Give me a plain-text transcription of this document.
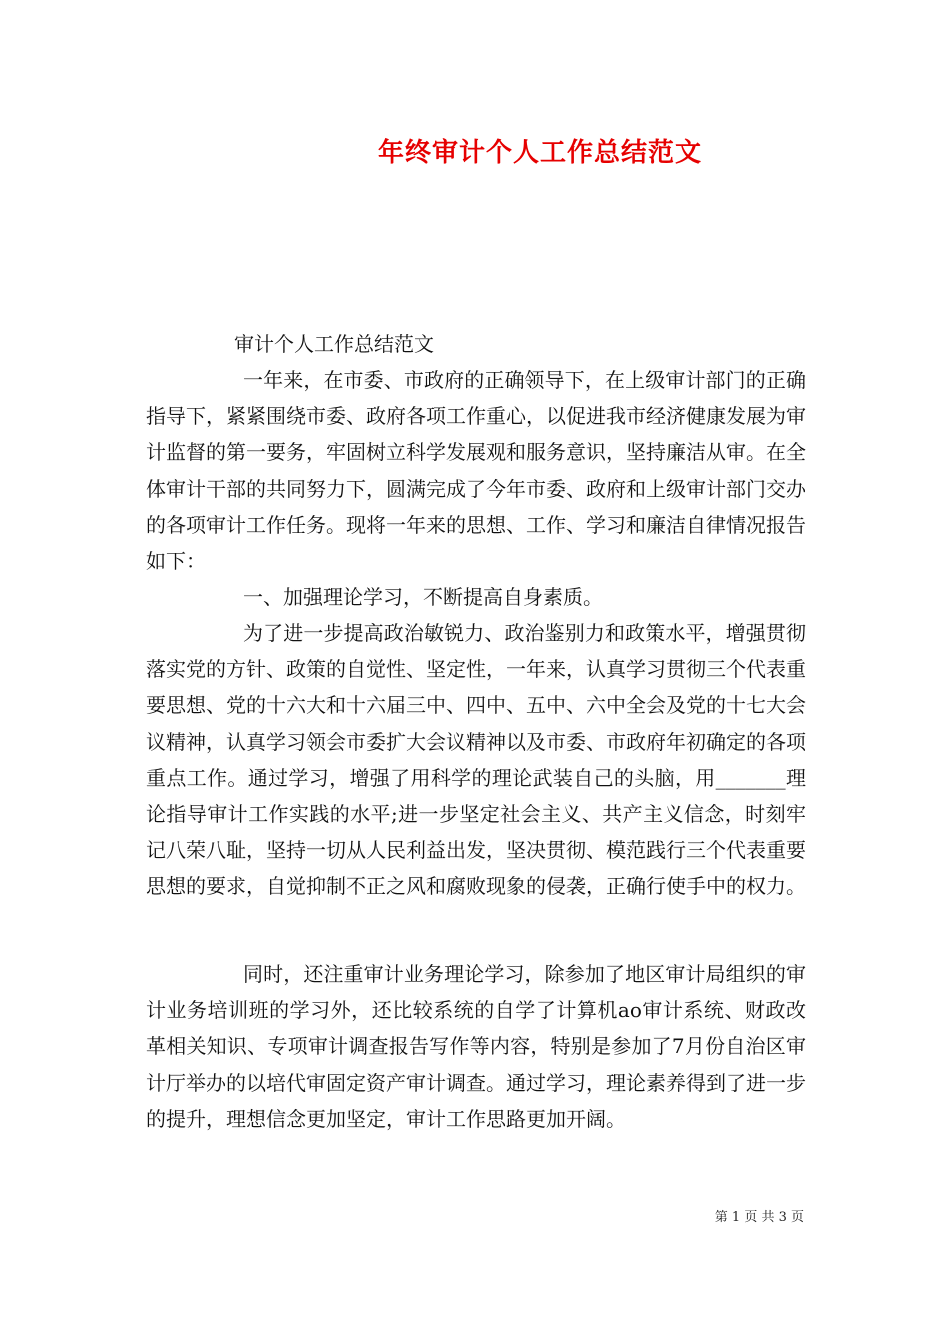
年终审计个人工作总结范文
审计个人工作总结范文

一年来，在市委、市政府的正确领导下，在上级审计部门的正确指导下，紧紧围绕市委、政府各项工作重心，以促进我市经济健康发展为审计监督的第一要务，牢固树立科学发展观和服务意识，坚持廉洁从审。在全体审计干部的共同努力下，圆满完成了今年市委、政府和上级审计部门交办的各项审计工作任务。现将一年来的思想、工作、学习和廉洁自律情况报告如下：

一、加强理论学习，不断提高自身素质。

为了进一步提高政治敏锐力、政治鉴别力和政策水平，增强贯彻落实党的方针、政策的自觉性、坚定性，一年来，认真学习贯彻三个代表重要思想、党的十六大和十六届三中、四中、五中、六中全会及党的十七大会议精神，认真学习领会市委扩大会议精神以及市委、市政府年初确定的各项重点工作。通过学习，增强了用科学的理论武装自己的头脑，用_______理论指导审计工作实践的水平;进一步坚定社会主义、共产主义信念，时刻牢记八荣八耻，坚持一切从人民利益出发，坚决贯彻、模范践行三个代表重要思想的要求，自觉抑制不正之风和腐败现象的侵袭，正确行使手中的权力。

同时，还注重审计业务理论学习，除参加了地区审计局组织的审计业务培训班的学习外，还比较系统的自学了计算机ao审计系统、财政改革相关知识、专项审计调查报告写作等内容，特别是参加了7月份自治区审计厅举办的以培代审固定资产审计调查。通过学习，理论素养得到了进一步的提升，理想信念更加坚定，审计工作思路更加开阔。

第 1 页 共 3 页
